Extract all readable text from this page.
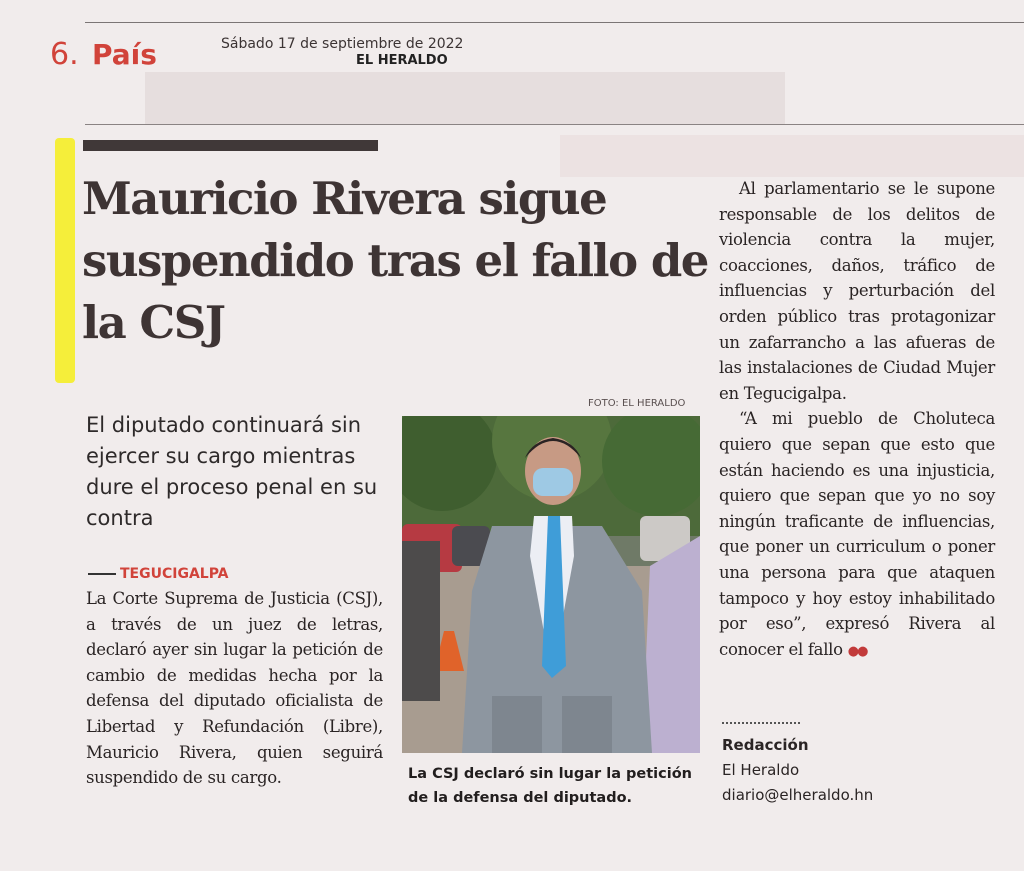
6. País	Sábado 17 de septiembre de 2022
EL HERALDO
Mauricio Rivera sigue suspendido tras el fallo de la CSJ
El diputado continuará sin ejercer su cargo mientras dure el proceso penal en su contra
TEGUCIGALPA
La Corte Suprema de Justicia (CSJ), a través de un juez de letras, declaró ayer sin lugar la petición de cambio de medidas hecha por la defensa del diputado oficialista de Libertad y Refundación (Libre), Mauricio Rivera, quien seguirá suspendido de su cargo.
FOTO: EL HERALDO
La CSJ declaró sin lugar la petición de la defensa del diputado.

Al parlamentario se le supone responsable de los delitos de violencia contra la mujer, coacciones, daños, tráfico de influencias y perturbación del orden público tras protagonizar un zafarrancho a las afueras de las instalaciones de Ciudad Mujer en Tegucigalpa.

“A mi pueblo de Choluteca quiero que sepan que esto que están haciendo es una injusticia, quiero que sepan que yo no soy ningún traficante de influencias, que poner un curriculum o poner una persona para que ataquen tampoco y hoy estoy inhabilitado por eso”, expresó Rivera al conocer el fallo ●●

Redacción
El Heraldo
diario@elheraldo.hn
